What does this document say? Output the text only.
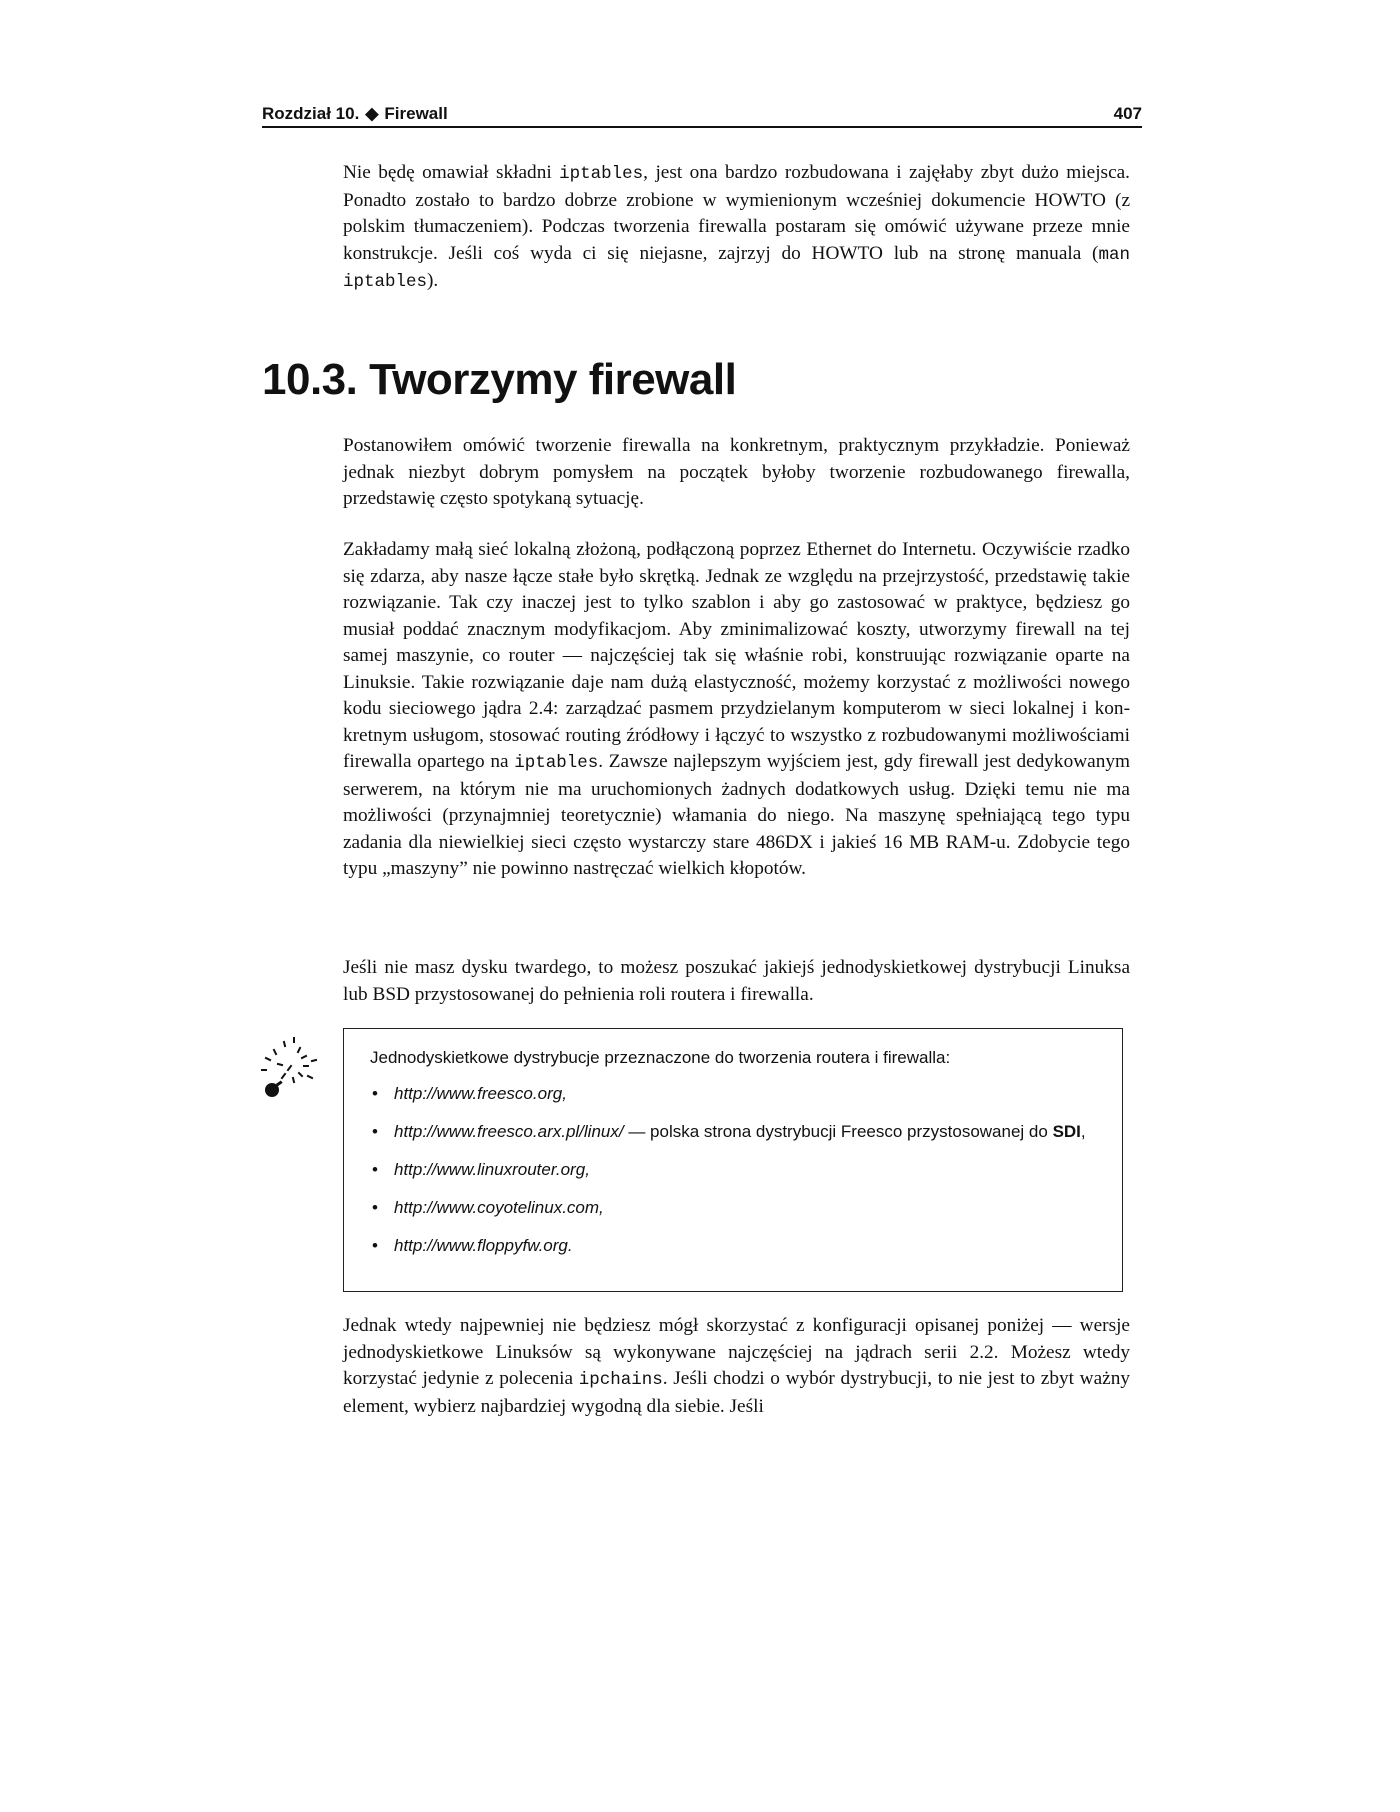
Rozdział 10. ◆ Firewall	407

Nie będę omawiał składni iptables, jest ona bardzo rozbudowana i zajęłaby zbyt dużo miejsca. Ponadto zostało to bardzo dobrze zrobione w wymienionym wcześniej dokumencie HOWTO (z polskim tłumaczeniem). Podczas tworzenia firewalla postaram się omówić używane przeze mnie konstrukcje. Jeśli coś wyda ci się niejasne, zajrzyj do HOWTO lub na stronę manuala (man iptables).

10.3. Tworzymy firewall

Postanowiłem omówić tworzenie firewalla na konkretnym, praktycznym przykładzie. Ponieważ jednak niezbyt dobrym pomysłem na początek byłoby tworzenie rozbudowanego firewalla, przedstawię często spotykaną sytuację.

Zakładamy małą sieć lokalną złożoną, podłączoną poprzez Ethernet do Internetu. Oczywiście rzadko się zdarza, aby nasze łącze stałe było skrętką. Jednak ze względu na przejrzystość, przedstawię takie rozwiązanie. Tak czy inaczej jest to tylko szablon i aby go zastosować w praktyce, będziesz go musiał poddać znacznym modyfikacjom. Aby zminimalizować koszty, utworzymy firewall na tej samej maszynie, co router — najczęściej tak się właśnie robi, konstruując rozwiązanie oparte na Linuksie. Takie rozwiązanie daje nam dużą elastyczność, możemy korzystać z możliwości nowego kodu sieciowego jądra 2.4: zarządzać pasmem przydzielanym komputerom w sieci lokalnej i konkretnym usługom, stosować routing źródłowy i łączyć to wszystko z rozbudowanymi możliwościami firewalla opartego na iptables. Zawsze najlepszym wyjściem jest, gdy firewall jest dedykowanym serwerem, na którym nie ma uruchomionych żadnych dodatkowych usług. Dzięki temu nie ma możliwości (przynajmniej teoretycznie) włamania do niego. Na maszynę spełniającą tego typu zadania dla niewielkiej sieci często wystarczy stare 486DX i jakieś 16 MB RAM-u. Zdobycie tego typu „maszyny” nie powinno nastręczać wielkich kłopotów.

Jeśli nie masz dysku twardego, to możesz poszukać jakiejś jednodyskietkowej dystrybucji Linuksa lub BSD przystosowanej do pełnienia roli routera i firewalla.

Jednodyskietkowe dystrybucje przeznaczone do tworzenia routera i firewalla:

• http://www.freesco.org,
• http://www.freesco.arx.pl/linux/ — polska strona dystrybucji Freesco przystosowanej do SDI,
• http://www.linuxrouter.org,
• http://www.coyotelinux.com,
• http://www.floppyfw.org.

Jednak wtedy najpewniej nie będziesz mógł skorzystać z konfiguracji opisanej poniżej — wersje jednodyskietkowe Linuksów są wykonywane najczęściej na jądrach serii 2.2. Możesz wtedy korzystać jedynie z polecenia ipchains. Jeśli chodzi o wybór dystrybucji, to nie jest to zbyt ważny element, wybierz najbardziej wygodną dla siebie. Jeśli
